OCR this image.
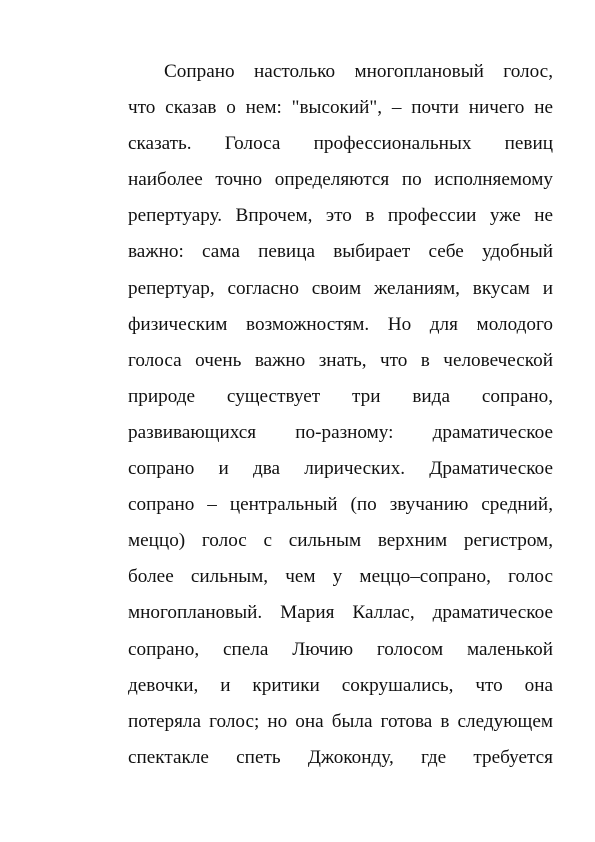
Сопрано настолько многоплановый голос,
что сказав о нем: "высокий", – почти ничего не
сказать. Голоса профессиональных певиц
наиболее точно определяются по исполняемому
репертуару. Впрочем, это в профессии уже не
важно: сама певица выбирает себе удобный
репертуар, согласно своим желаниям, вкусам и
физическим возможностям. Но для молодого
голоса очень важно знать, что в человеческой
природе существует три вида сопрано,
развивающихся по-разному: драматическое
сопрано и два лирических. Драматическое
сопрано – центральный (по звучанию средний,
меццо) голос с сильным верхним регистром,
более сильным, чем у меццо–сопрано, голос
многоплановый. Мария Каллас, драматическое
сопрано, спела Лючию голосом маленькой
девочки, и критики сокрушались, что она
потеряла голос; но она была готова в следующем
спектакле спеть Джоконду, где требуется
